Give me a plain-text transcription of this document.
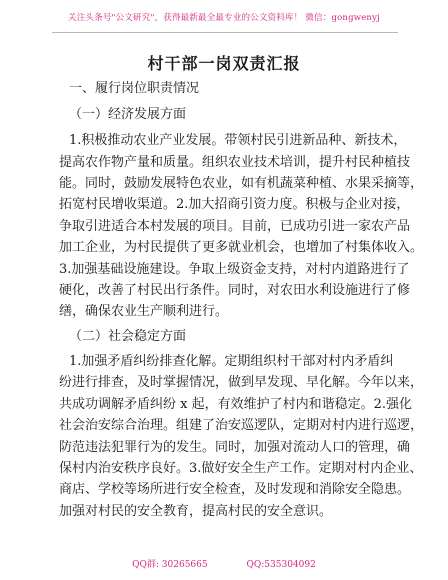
关注头条号"公文研究"，获得最新最全最专业的公文资料库！ 微信：gongwenyj
村干部一岗双责汇报
一、履行岗位职责情况
（一）经济发展方面
1.积极推动农业产业发展。带领村民引进新品种、新技术，
提高农作物产量和质量。组织农业技术培训，提升村民种植技
能。同时，鼓励发展特色农业，如有机蔬菜种植、水果采摘等，
拓宽村民增收渠道。2.加大招商引资力度。积极与企业对接，
争取引进适合本村发展的项目。目前，已成功引进一家农产品
加工企业，为村民提供了更多就业机会，也增加了村集体收入。
3.加强基础设施建设。争取上级资金支持，对村内道路进行了
硬化，改善了村民出行条件。同时，对农田水利设施进行了修
缮，确保农业生产顺利进行。
（二）社会稳定方面
1.加强矛盾纠纷排查化解。定期组织村干部对村内矛盾纠
纷进行排查，及时掌握情况，做到早发现、早化解。今年以来，
共成功调解矛盾纠纷 x 起，有效维护了村内和谐稳定。2.强化
社会治安综合治理。组建了治安巡逻队，定期对村内进行巡逻，
防范违法犯罪行为的发生。同时，加强对流动人口的管理，确
保村内治安秩序良好。3.做好安全生产工作。定期对村内企业、
商店、学校等场所进行安全检查，及时发现和消除安全隐患。
加强对村民的安全教育，提高村民的安全意识。
QQ群: 30265665	QQ:535304092
